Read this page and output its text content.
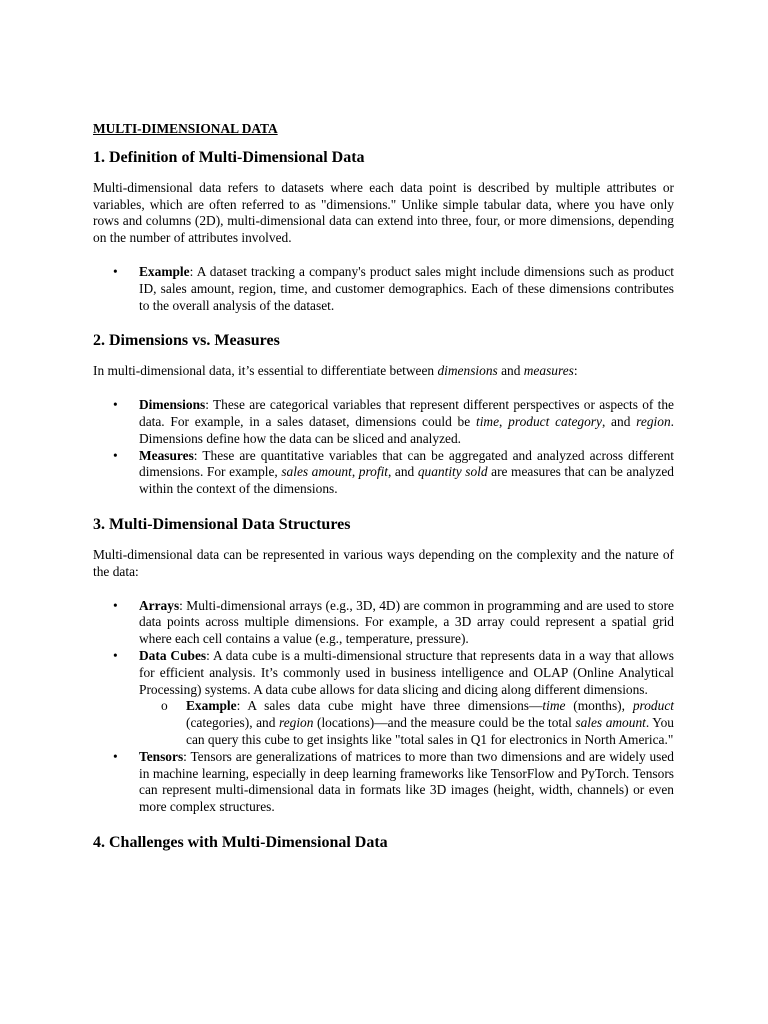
MULTI-DIMENSIONAL DATA
1. Definition of Multi-Dimensional Data

Multi-dimensional data refers to datasets where each data point is described by multiple attributes or variables, which are often referred to as "dimensions." Unlike simple tabular data, where you have only rows and columns (2D), multi-dimensional data can extend into three, four, or more dimensions, depending on the number of attributes involved.

• Example: A dataset tracking a company's product sales might include dimensions such as product ID, sales amount, region, time, and customer demographics. Each of these dimensions contributes to the overall analysis of the dataset.
2. Dimensions vs. Measures

In multi-dimensional data, it’s essential to differentiate between dimensions and measures:

• Dimensions: These are categorical variables that represent different perspectives or aspects of the data. For example, in a sales dataset, dimensions could be time, product category, and region. Dimensions define how the data can be sliced and analyzed.
• Measures: These are quantitative variables that can be aggregated and analyzed across different dimensions. For example, sales amount, profit, and quantity sold are measures that can be analyzed within the context of the dimensions.
3. Multi-Dimensional Data Structures

Multi-dimensional data can be represented in various ways depending on the complexity and the nature of the data:

• Arrays: Multi-dimensional arrays (e.g., 3D, 4D) are common in programming and are used to store data points across multiple dimensions. For example, a 3D array could represent a spatial grid where each cell contains a value (e.g., temperature, pressure).
• Data Cubes: A data cube is a multi-dimensional structure that represents data in a way that allows for efficient analysis. It’s commonly used in business intelligence and OLAP (Online Analytical Processing) systems. A data cube allows for data slicing and dicing along different dimensions.
o Example: A sales data cube might have three dimensions—time (months), product (categories), and region (locations)—and the measure could be the total sales amount. You can query this cube to get insights like "total sales in Q1 for electronics in North America."
• Tensors: Tensors are generalizations of matrices to more than two dimensions and are widely used in machine learning, especially in deep learning frameworks like TensorFlow and PyTorch. Tensors can represent multi-dimensional data in formats like 3D images (height, width, channels) or even more complex structures.
4. Challenges with Multi-Dimensional Data
